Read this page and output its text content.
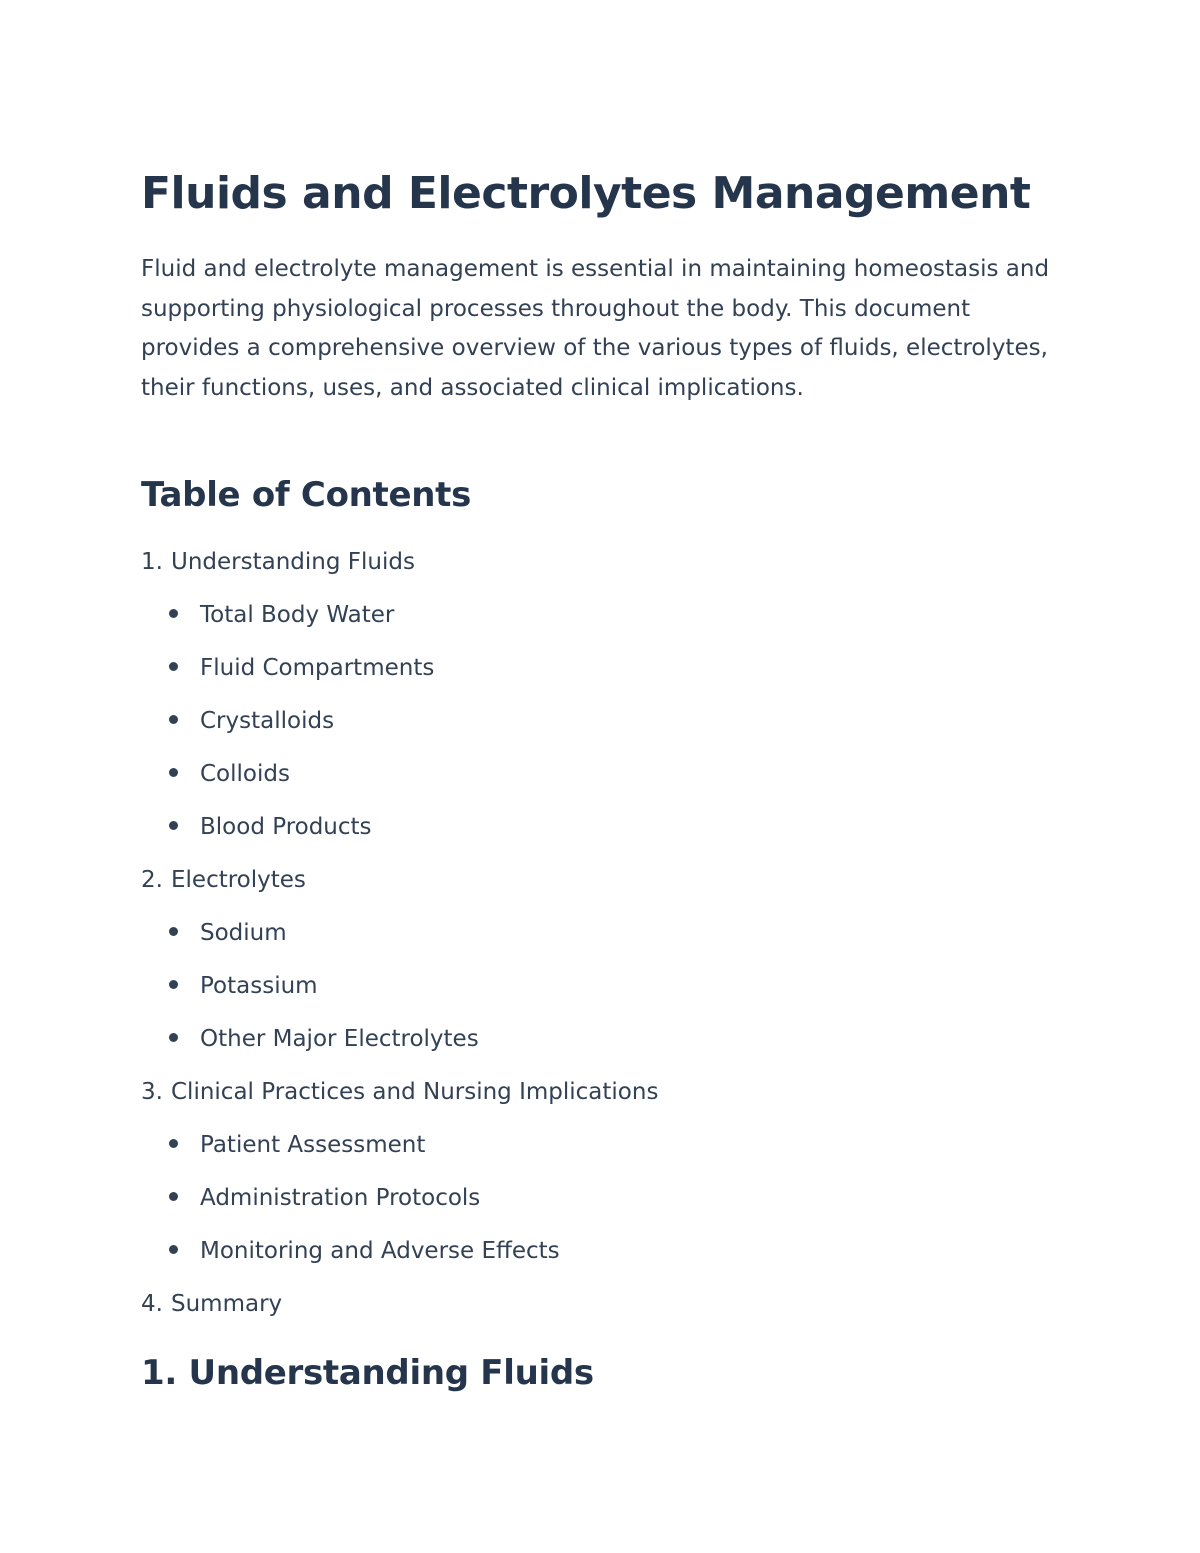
Fluids and Electrolytes Management

Fluid and electrolyte management is essential in maintaining homeostasis and supporting physiological processes throughout the body. This document provides a comprehensive overview of the various types of fluids, electrolytes, their functions, uses, and associated clinical implications.

Table of Contents
1. Understanding Fluids
Total Body Water
Fluid Compartments
Crystalloids
Colloids
Blood Products
2. Electrolytes
Sodium
Potassium
Other Major Electrolytes
3. Clinical Practices and Nursing Implications
Patient Assessment
Administration Protocols
Monitoring and Adverse Effects
4. Summary
1. Understanding Fluids
